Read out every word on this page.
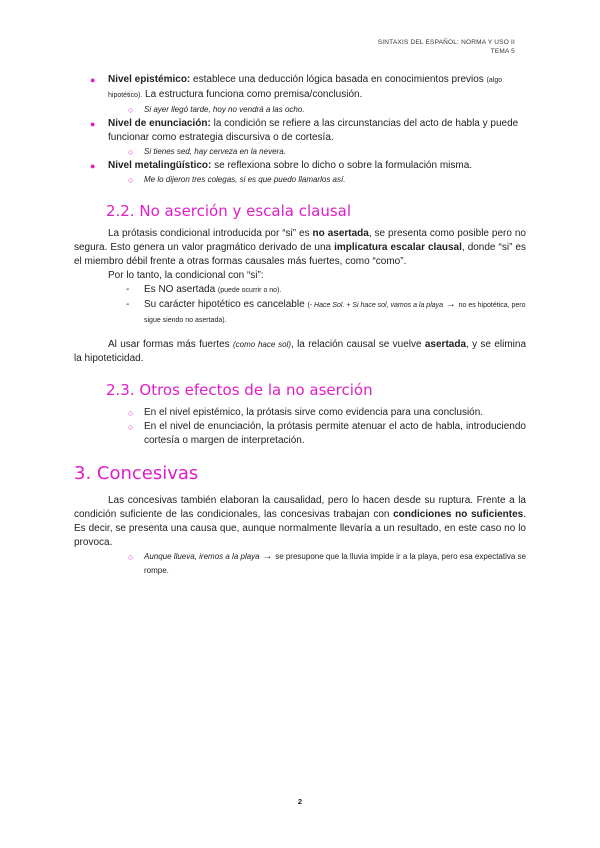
SINTAXIS DEL ESPAÑOL: NORMA Y USO II
TEMA 5

● Nivel epistémico: establece una deducción lógica basada en conocimientos previos (algo hipotético). La estructura funciona como premisa/conclusión.

○ Si ayer llegó tarde, hoy no vendrá a las ocho.

● Nivel de enunciación: la condición se refiere a las circunstancias del acto de habla y puede funcionar como estrategia discursiva o de cortesía.

○ Si tienes sed, hay cerveza en la nevera.

● Nivel metalingüístico: se reflexiona sobre lo dicho o sobre la formulación misma.

○ Me lo dijeron tres colegas, si es que puedo llamarlos así.

2.2. No aserción y escala clausal

La prótasis condicional introducida por “si” es no asertada, se presenta como posible pero no segura. Esto genera un valor pragmático derivado de una implicatura escalar clausal, donde “si” es el miembro débil frente a otras formas causales más fuertes, como “como”.

Por lo tanto, la condicional con “si”:

- Es NO asertada (puede ocurrir o no).

- Su carácter hipotético es cancelable (- Hace Sol. + Si hace sol, vamos a la playa → no es hipotética, pero sigue siendo no asertada).

Al usar formas más fuertes (como hace sol), la relación causal se vuelve asertada, y se elimina la hipoteticidad.

2.3. Otros efectos de la no aserción

○ En el nivel epistémico, la prótasis sirve como evidencia para una conclusión.

○ En el nivel de enunciación, la prótasis permite atenuar el acto de habla, introduciendo cortesía o margen de interpretación.

3. Concesivas

Las concesivas también elaboran la causalidad, pero lo hacen desde su ruptura. Frente a la condición suficiente de las condicionales, las concesivas trabajan con condiciones no suficientes. Es decir, se presenta una causa que, aunque normalmente llevaría a un resultado, en este caso no lo provoca.

○ Aunque llueva, iremos a la playa → se presupone que la lluvia impide ir a la playa, pero esa expectativa se rompe.

2
